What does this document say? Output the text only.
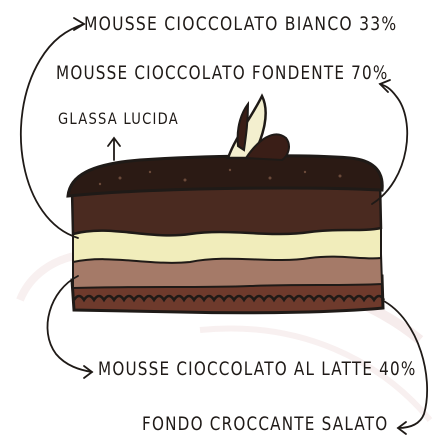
MOUSSE CIOCCOLATO BIANCO 33%
MOUSSE CIOCCOLATO FONDENTE 70%
GLASSA LUCIDA
MOUSSE CIOCCOLATO AL LATTE 40%
FONDO CROCCANTE SALATO
